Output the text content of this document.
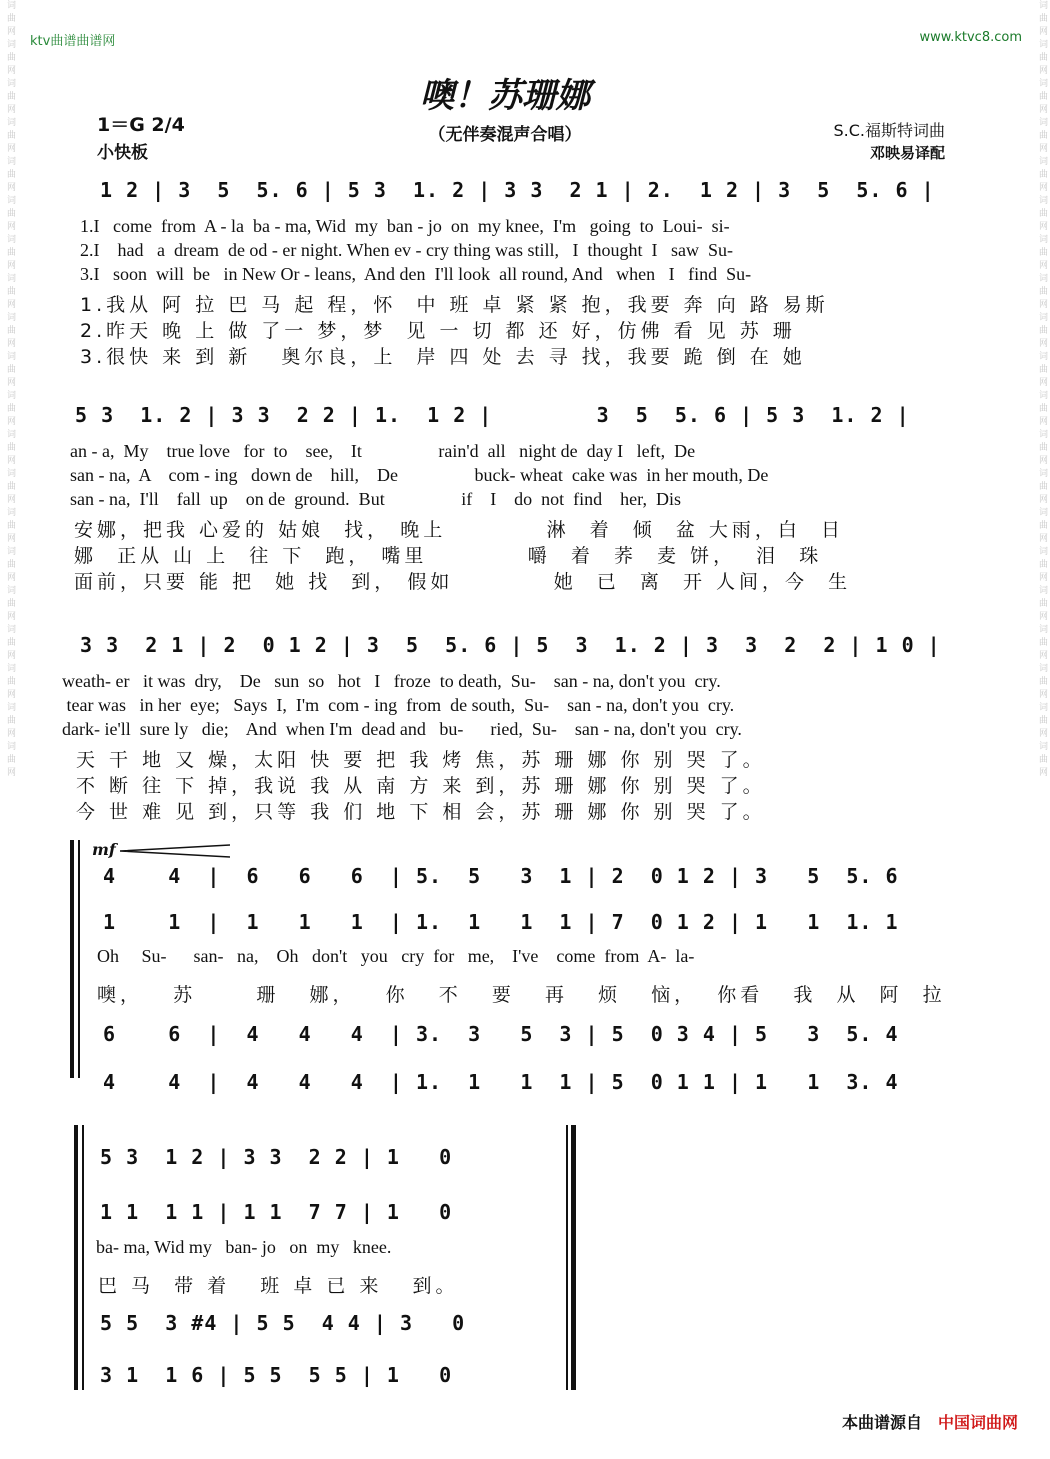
ktv曲谱曲谱网	www.ktvc8.com
词曲网词曲网词曲网词曲网词曲网词曲网词曲网词曲网词曲网词曲网词曲网词曲网词曲网词曲网词曲网词曲网词曲网词曲网词曲网词曲网	词曲网词曲网词曲网词曲网词曲网词曲网词曲网词曲网词曲网词曲网词曲网词曲网词曲网词曲网词曲网词曲网词曲网词曲网词曲网词曲网
噢！苏珊娜
（无伴奏混声合唱）
1＝G 2/4
小快板
S.C.福斯特词曲
邓映易译配
1 2 | 3  5  5. 6 | 5 3  1. 2 | 3 3  2 1 | 2.  1 2 | 3  5  5. 6 |
1.I   come  from  A - la  ba - ma, Wid  my  ban - jo  on  my knee,  I'm   going  to  Loui-  si-
2.I    had   a  dream  de od - er night. When ev - cry thing was still,   I  thought  I   saw  Su-
3.I   soon  will  be   in New Or - leans,  And den  I'll look  all round, And   when   I   find  Su-
1.我从 阿 拉 巴 马 起 程，怀  中 班 卓 紧 紧 抱，我要 奔 向 路 易斯
2.昨天 晚 上 做 了一 梦，梦  见 一 切 都 还 好，仿佛 看 见 苏 珊
3.很快 来 到 新   奥尔良，上  岸 四 处 去 寻 找，我要 跪 倒 在 她
5 3  1. 2 | 3 3  2 2 | 1.  1 2 |        3  5  5. 6 | 5 3  1. 2 |
an - a,  My    true love   for  to    see,    It                 rain'd  all   night de  day I   left,  De
san - na,  A    com - ing   down de    hill,    De                 buck- wheat  cake was  in her mouth, De
san - na,  I'll    fall  up    on de  ground.  But                 if    I    do  not  find    her,  Dis
安娜，把我 心爱的 姑娘  找， 晚上          淋  着  倾  盆 大雨，白  日
娜  正从 山 上  往 下  跑， 嘴里          嚼  着  荞  麦 饼，  泪  珠
面前，只要 能 把  她 找  到， 假如          她  已  离  开 人间，今  生
3 3  2 1 | 2  0 1 2 | 3  5  5. 6 | 5  3  1. 2 | 3  3  2  2 | 1 0 |
weath- er   it was  dry,    De   sun  so   hot   I   froze  to death,  Su-    san - na, don't you  cry.
tear was   in her  eye;   Says  I,  I'm  com - ing  from  de south,  Su-    san - na, don't you  cry.
dark- ie'll  sure ly   die;    And  when I'm  dead and   bu-      ried,  Su-    san - na, don't you  cry.
天 干 地 又 燥，太阳 快 要 把 我 烤 焦，苏 珊 娜 你 别 哭 了。
不 断 往 下 掉，我说 我 从 南 方 来 到，苏 珊 娜 你 别 哭 了。
今 世 难 见 到，只等 我 们 地 下 相 会，苏 珊 娜 你 别 哭 了。
mf
4    4  |  6   6   6  | 5.  5   3  1 | 2  0 1 2 | 3   5  5. 6
1    1  |  1   1   1  | 1.  1   1  1 | 7  0 1 2 | 1   1  1. 1
Oh     Su-      san-   na,    Oh   don't   you   cry  for   me,    I've    come  from  A-  la-
噢，   苏      珊   娜，   你   不   要   再   烦   恼，  你看   我  从  阿  拉
6    6  |  4   4   4  | 3.  3   5  3 | 5  0 3 4 | 5   3  5. 4
4    4  |  4   4   4  | 1.  1   1  1 | 5  0 1 1 | 1   1  3. 4
5 3  1 2 | 3 3  2 2 | 1   0
1 1  1 1 | 1 1  7 7 | 1   0
ba- ma, Wid my   ban- jo   on  my   knee.
巴 马  带 着   班 卓 已 来   到。
5 5  3 #4 | 5 5  4 4 | 3   0
3 1  1 6 | 5 5  5 5 | 1   0
本曲谱源自 中国词曲网
